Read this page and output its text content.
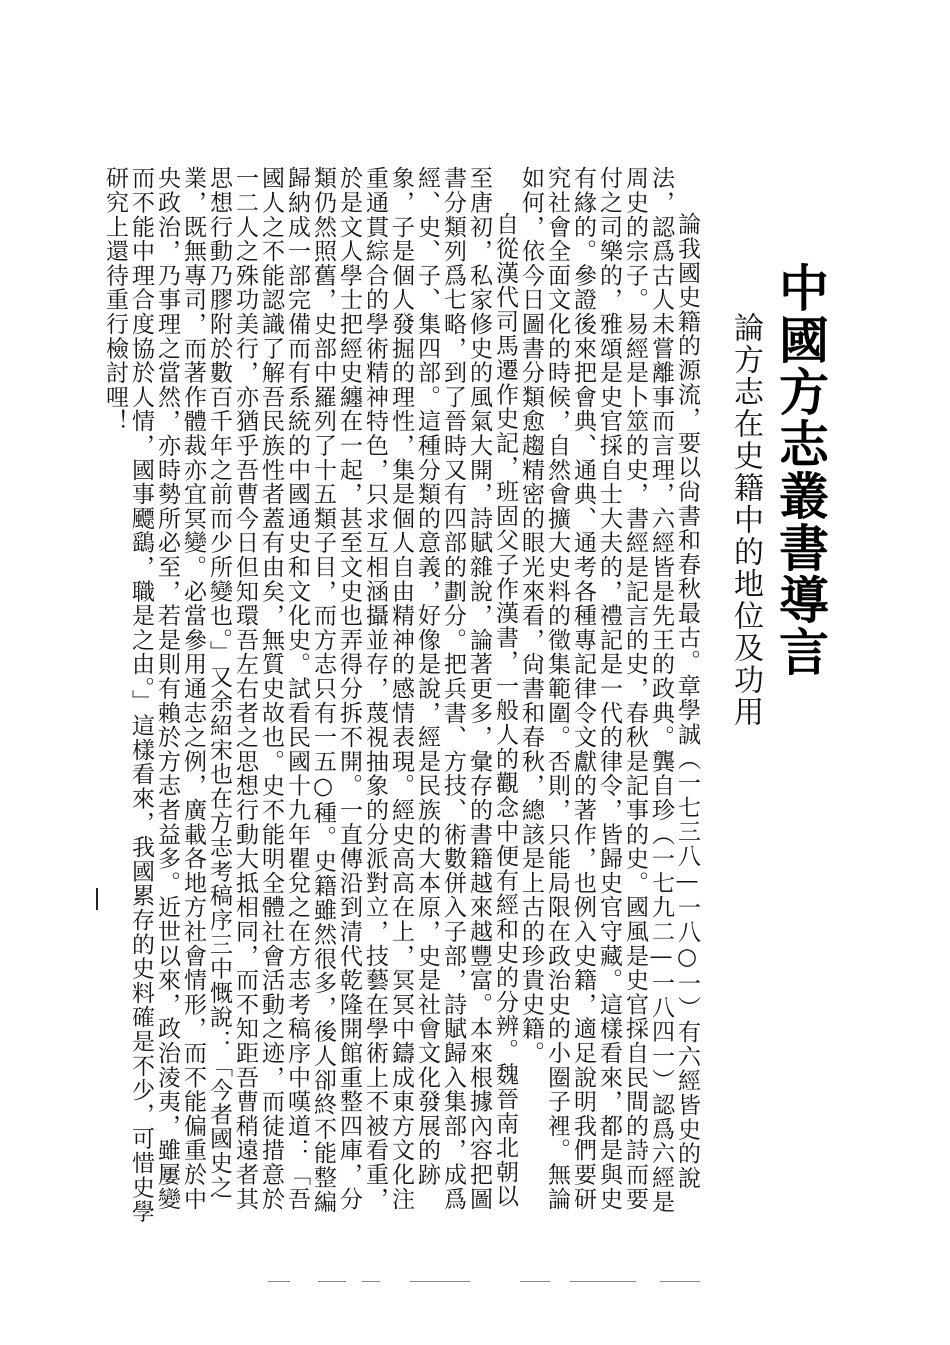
中國方志叢書導言
論方志在史籍中的地位及功用

論我國史籍的源流，要以尙書和春秋最古。章學誠（一七三八—一八○一）有六經皆史的說法，認爲古人未嘗離事而言理，六經皆是先王的政典。龔自珍（一七九二—一八四一）認爲六經是周史的宗子。易經是卜筮的史，書經是記言的史，春秋是記事的史。國風是史官採自民間的詩而要付之司樂的，雅頌是史官採自士大夫的，禮記是一代的律令，皆歸史官守藏。這樣看來，都是與史有緣的。參證後來把會典、通典、通考各種專記律令文獻的著作，也例入史籍，適足說明我們要研究社會全面文化的時候，自然會擴大史料的徵集範圍。否則，只能局限在政治史的小圈子裡。無論如何，依今日圖書分類愈趨精密的眼光來看，尙書和春秋，總該是上古的珍貴史籍。

自從漢代司馬遷作史記，班固父子作漢書，一般人的觀念中便有經和史的分辨。魏晉南北朝以至唐初，私家修史的風氣大開，詩賦雜說，論著更多，彙存的書籍越來越豐富。本來根據內容把圖書分類列爲七略，到了晉時又有四部的劃分。把兵書、方技、術數併入子部，詩賦歸入集部，成爲經、史、子、集四部。這種分類的意義，好像是說，經是民族的大本原，史是社會文化發展的跡象，子是個人發掘的理性，集是個人自由精神的感情表現。經史高高在上，冥冥中鑄成東方文化注重通貫綜合的學術精神特色，只求互相涵攝並存，蔑視抽象的分派對立，技藝在學術上不被看重，於是文人學士把經史纏在一起，甚至文史也弄得分拆不開。一直傳沿到清代乾隆開館重整四庫，分類仍然照舊，史部中羅列了十五類子目，而方志只有一五○種。史籍雖然很多，後人卻終不能整編歸納成一部完備而有系統的中國通史和文化史。試看民國十九年瞿兌之在方志考稿序中嘆道：「吾國人之不能認識了解吾民族性者蓋有由矣，無質史故也。史不能明全體社會活動之迹，而徒措意於一二人之殊功美行，亦猶乎吾曹今日但知環吾左右者之思想行動大抵相同，而不知距吾曹稍遠者其思想行動乃膠附於數百千年之前而少所變也。」又余紹宋也在方志考稿序三中慨說：「今者國史之業，既無專司，而著作體裁亦宜冥變。必當參用通志之例，廣載各地方社會情形，而不能偏重於中央政治，乃事理之當然，亦時勢所必至，若是則有賴於方志者益多。近世以來，政治淩夷，雖屢變而不能中理合度協於人情，國事飃鷂，職是之由。」這樣看來，我國累存的史料確是不少，可惜史學研究上還待重行檢討哩！
